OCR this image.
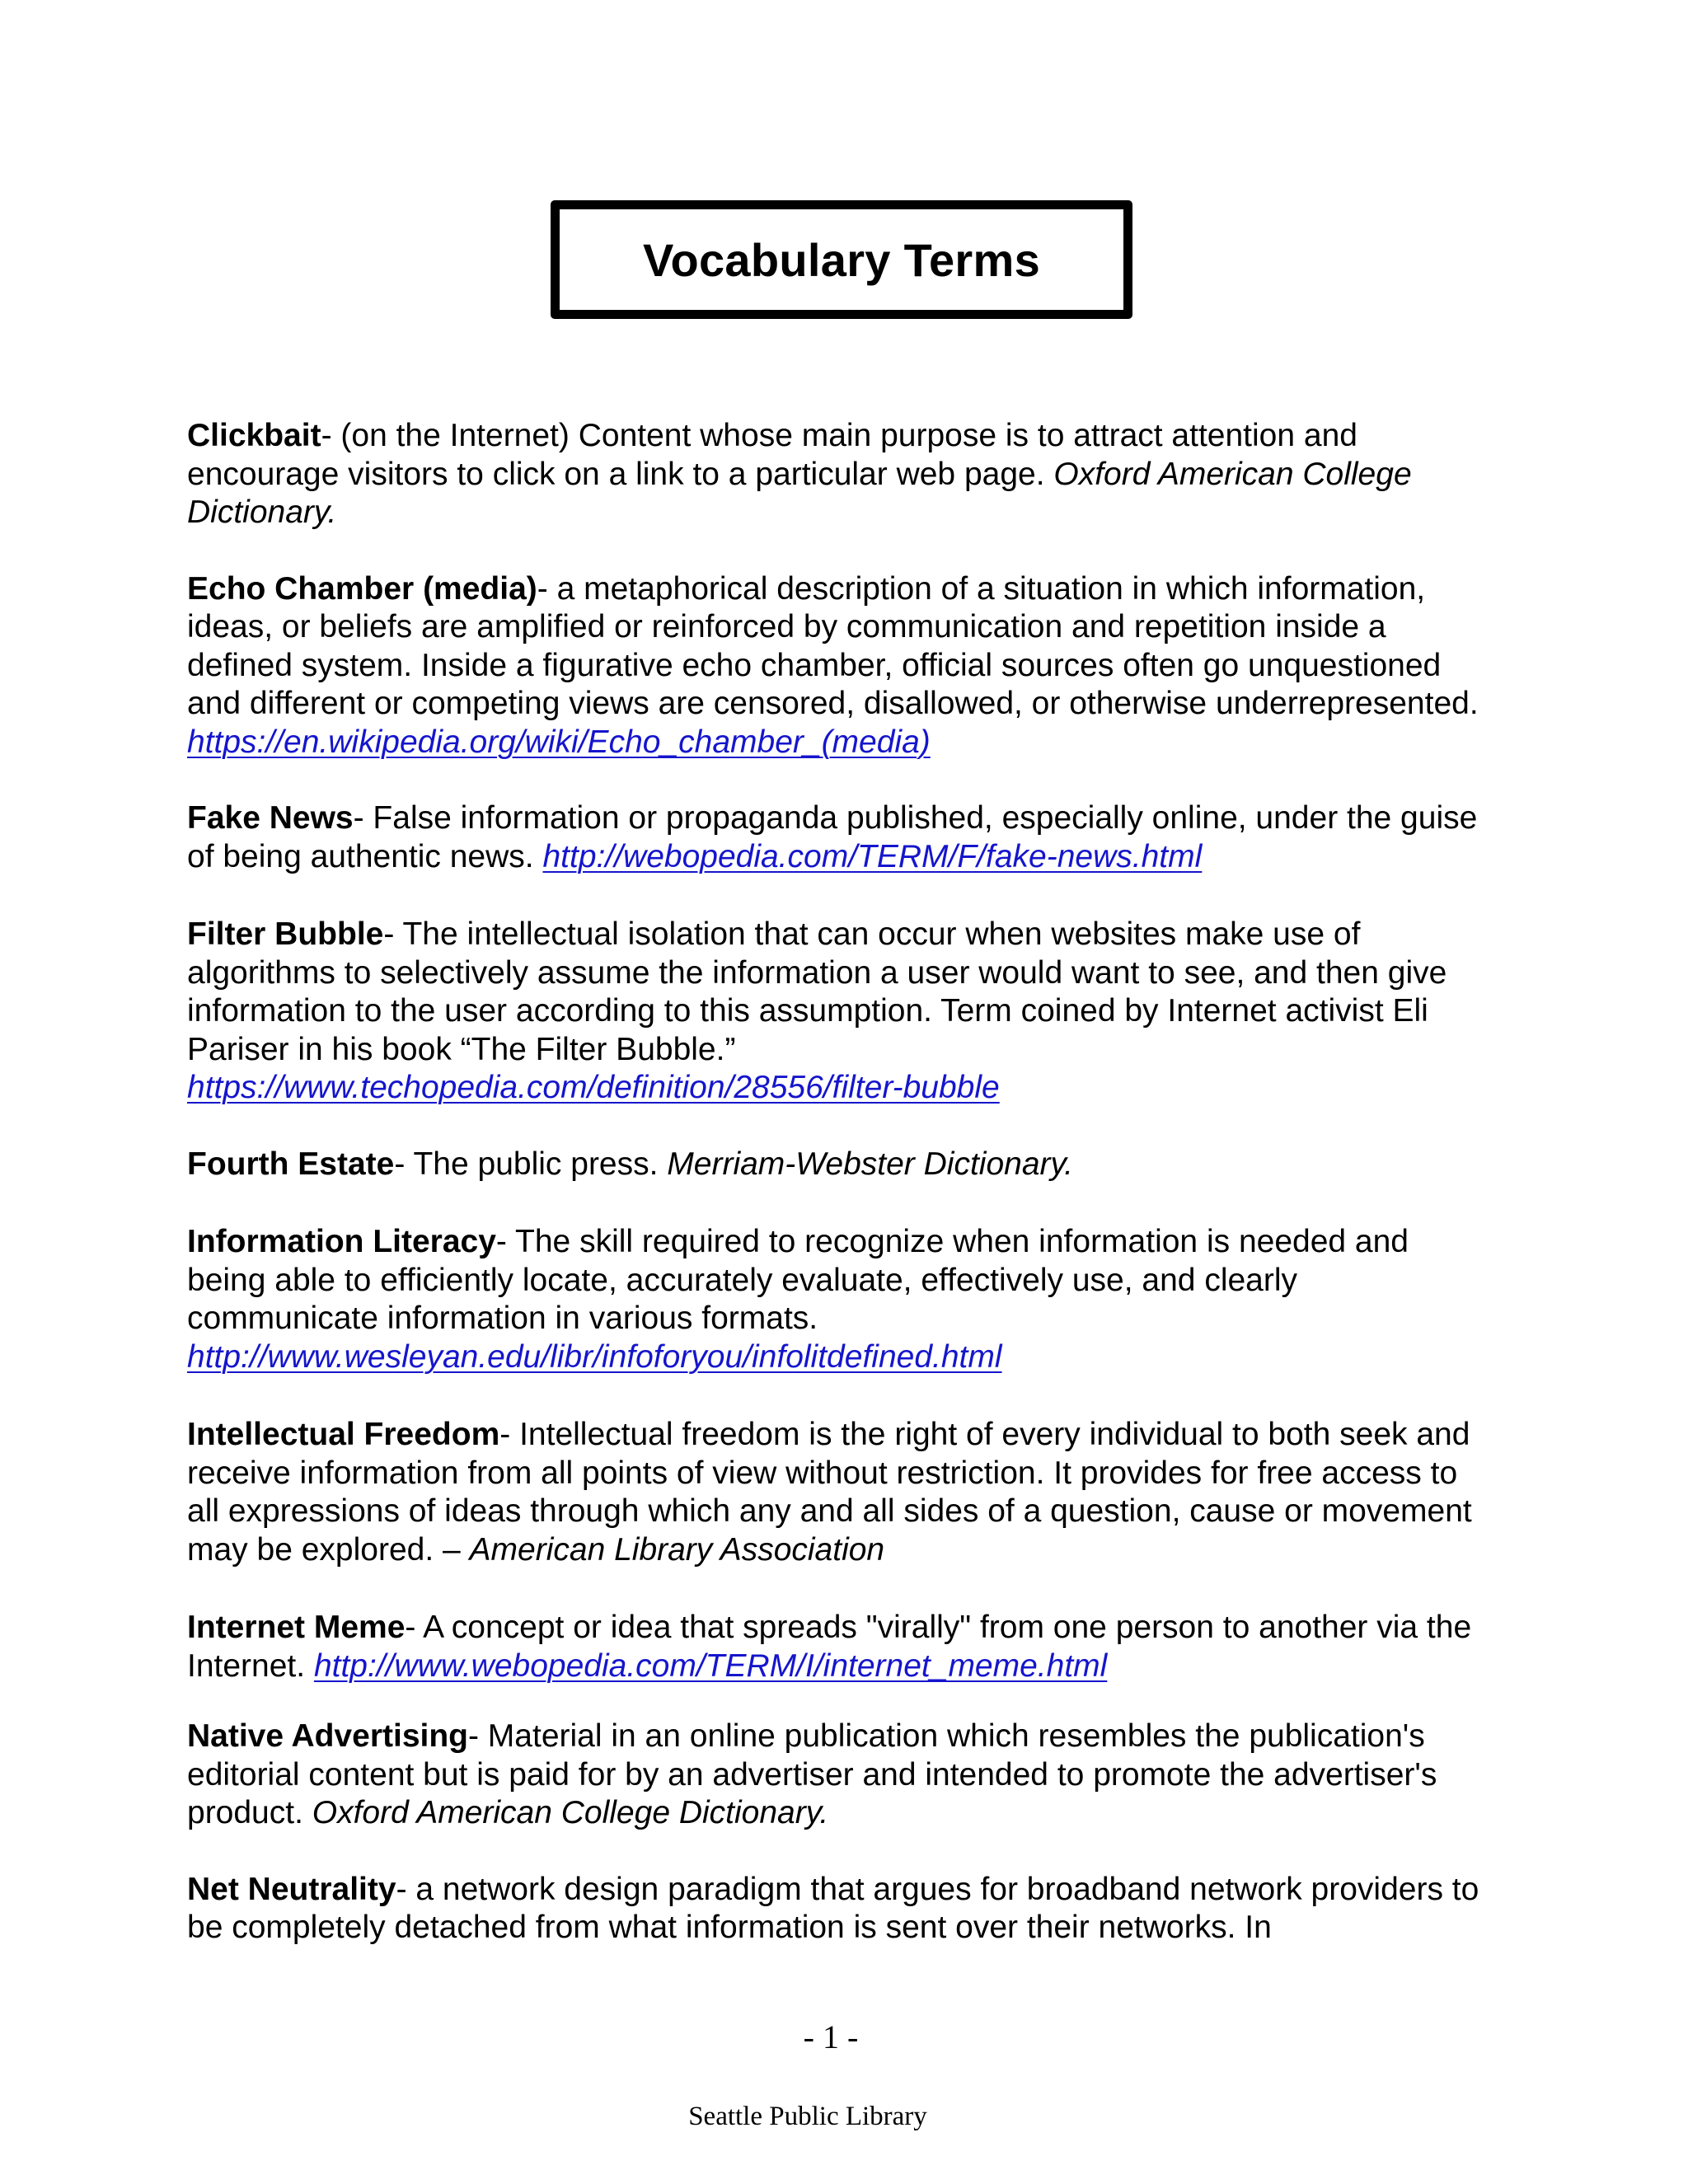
Vocabulary Terms

Clickbait- (on the Internet) Content whose main purpose is to attract attention and encourage visitors to click on a link to a particular web page. Oxford American College Dictionary.

Echo Chamber (media)- a metaphorical description of a situation in which information, ideas, or beliefs are amplified or reinforced by communication and repetition inside a defined system. Inside a figurative echo chamber, official sources often go unquestioned and different or competing views are censored, disallowed, or otherwise underrepresented. https://en.wikipedia.org/wiki/Echo_chamber_(media)

Fake News- False information or propaganda published, especially online, under the guise of being authentic news. http://webopedia.com/TERM/F/fake-news.html

Filter Bubble- The intellectual isolation that can occur when websites make use of algorithms to selectively assume the information a user would want to see, and then give information to the user according to this assumption. Term coined by Internet activist Eli Pariser in his book “The Filter Bubble.”
https://www.techopedia.com/definition/28556/filter-bubble

Fourth Estate- The public press. Merriam-Webster Dictionary.

Information Literacy- The skill required to recognize when information is needed and being able to efficiently locate, accurately evaluate, effectively use, and clearly communicate information in various formats.
http://www.wesleyan.edu/libr/infoforyou/infolitdefined.html

Intellectual Freedom- Intellectual freedom is the right of every individual to both seek and receive information from all points of view without restriction. It provides for free access to all expressions of ideas through which any and all sides of a question, cause or movement may be explored. – American Library Association

Internet Meme- A concept or idea that spreads "virally" from one person to another via the Internet. http://www.webopedia.com/TERM/I/internet_meme.html

Native Advertising- Material in an online publication which resembles the publication's editorial content but is paid for by an advertiser and intended to promote the advertiser's product. Oxford American College Dictionary.

Net Neutrality- a network design paradigm that argues for broadband network providers to be completely detached from what information is sent over their networks. In

- 1 -
Seattle Public Library
